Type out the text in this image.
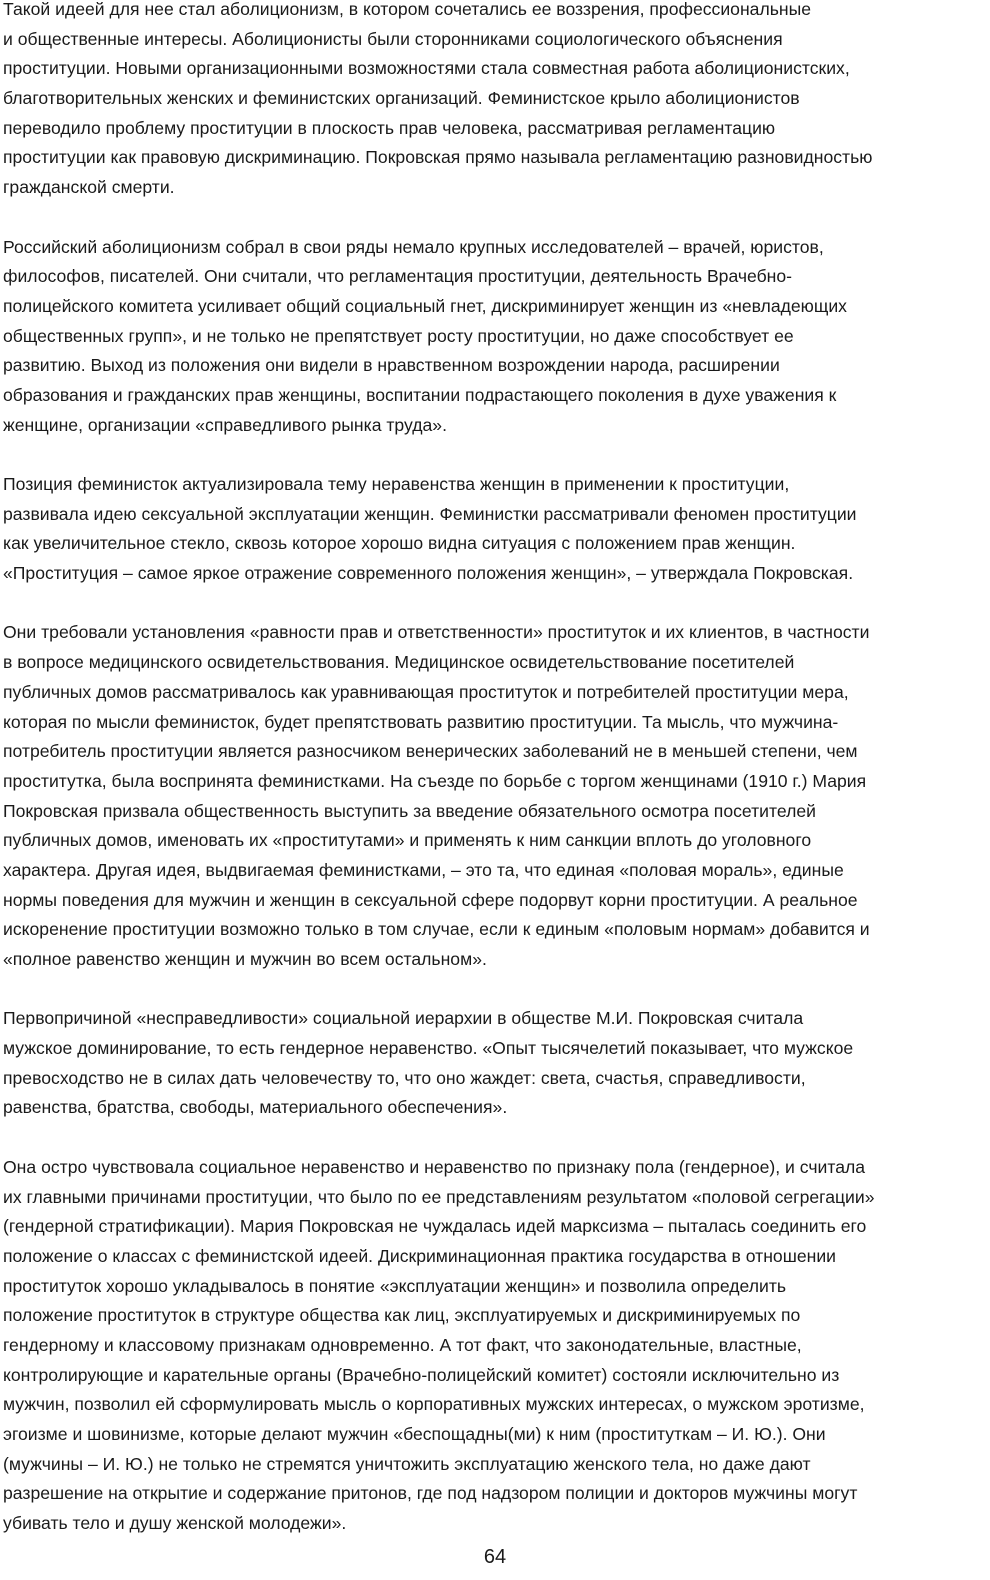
Такой идеей для нее стал аболиционизм, в котором сочетались ее воззрения, профессиональные
и общественные интересы. Аболиционисты были сторонниками социологического объяснения
проституции. Новыми организационными возможностями стала совместная работа аболиционистских,
благотворительных женских и феминистских организаций. Феминистское крыло аболиционистов
переводило проблему проституции в плоскость прав человека, рассматривая регламентацию
проституции как правовую дискриминацию. Покровская прямо называла регламентацию разновидностью
гражданской смерти.

Российский аболиционизм собрал в свои ряды немало крупных исследователей – врачей, юристов,
философов, писателей. Они считали, что регламентация проституции, деятельность Врачебно-
полицейского комитета усиливает общий социальный гнет, дискриминирует женщин из «невладеющих
общественных групп», и не только не препятствует росту проституции, но даже способствует ее
развитию. Выход из положения они видели в нравственном возрождении народа, расширении
образования и гражданских прав женщины, воспитании подрастающего поколения в духе уважения к
женщине, организации «справедливого рынка труда».

Позиция феминисток актуализировала тему неравенства женщин в применении к проституции,
развивала идею сексуальной эксплуатации женщин. Феминистки рассматривали феномен проституции
как увеличительное стекло, сквозь которое хорошо видна ситуация с положением прав женщин.
«Проституция – самое яркое отражение современного положения женщин», – утверждала Покровская.

Они требовали установления «равности прав и ответственности» проституток и их клиентов, в частности
в вопросе медицинского освидетельствования. Медицинское освидетельствование посетителей
публичных домов рассматривалось как уравнивающая проституток и потребителей проституции мера,
которая по мысли феминисток, будет препятствовать развитию проституции. Та мысль, что мужчина-
потребитель проституции является разносчиком венерических заболеваний не в меньшей степени, чем
проститутка, была воспринята феминистками. На съезде по борьбе с торгом женщинами (1910 г.) Мария
Покровская призвала общественность выступить за введение обязательного осмотра посетителей
публичных домов, именовать их «проститутами» и применять к ним санкции вплоть до уголовного
характера. Другая идея, выдвигаемая феминистками, – это та, что единая «половая мораль», единые
нормы поведения для мужчин и женщин в сексуальной сфере подорвут корни проституции. А реальное
искоренение проституции возможно только в том случае, если к единым «половым нормам» добавится и
«полное равенство женщин и мужчин во всем остальном».

Первопричиной «несправедливости» социальной иерархии в обществе М.И. Покровская считала
мужское доминирование, то есть гендерное неравенство. «Опыт тысячелетий показывает, что мужское
превосходство не в силах дать человечеству то, что оно жаждет: света, счастья, справедливости,
равенства, братства, свободы, материального обеспечения».

Она остро чувствовала социальное неравенство и неравенство по признаку пола (гендерное), и считала
их главными причинами проституции, что было по ее представлениям результатом «половой сегрегации»
(гендерной стратификации). Мария Покровская не чуждалась идей марксизма – пыталась соединить его
положение о классах с феминистской идеей. Дискриминационная практика государства в отношении
проституток хорошо укладывалось в понятие «эксплуатации женщин» и позволила определить
положение проституток в структуре общества как лиц, эксплуатируемых и дискриминируемых по
гендерному и классовому признакам одновременно. А тот факт, что законодательные, властные,
контролирующие и карательные органы (Врачебно-полицейский комитет) состояли исключительно из
мужчин, позволил ей сформулировать мысль о корпоративных мужских интересах, о мужском эротизме,
эгоизме и шовинизме, которые делают мужчин «беспощадны(ми) к ним (проституткам – И. Ю.). Они
(мужчины – И. Ю.) не только не стремятся уничтожить эксплуатацию женского тела, но даже дают
разрешение на открытие и содержание притонов, где под надзором полиции и докторов мужчины могут
убивать тело и душу женской молодежи».

64
